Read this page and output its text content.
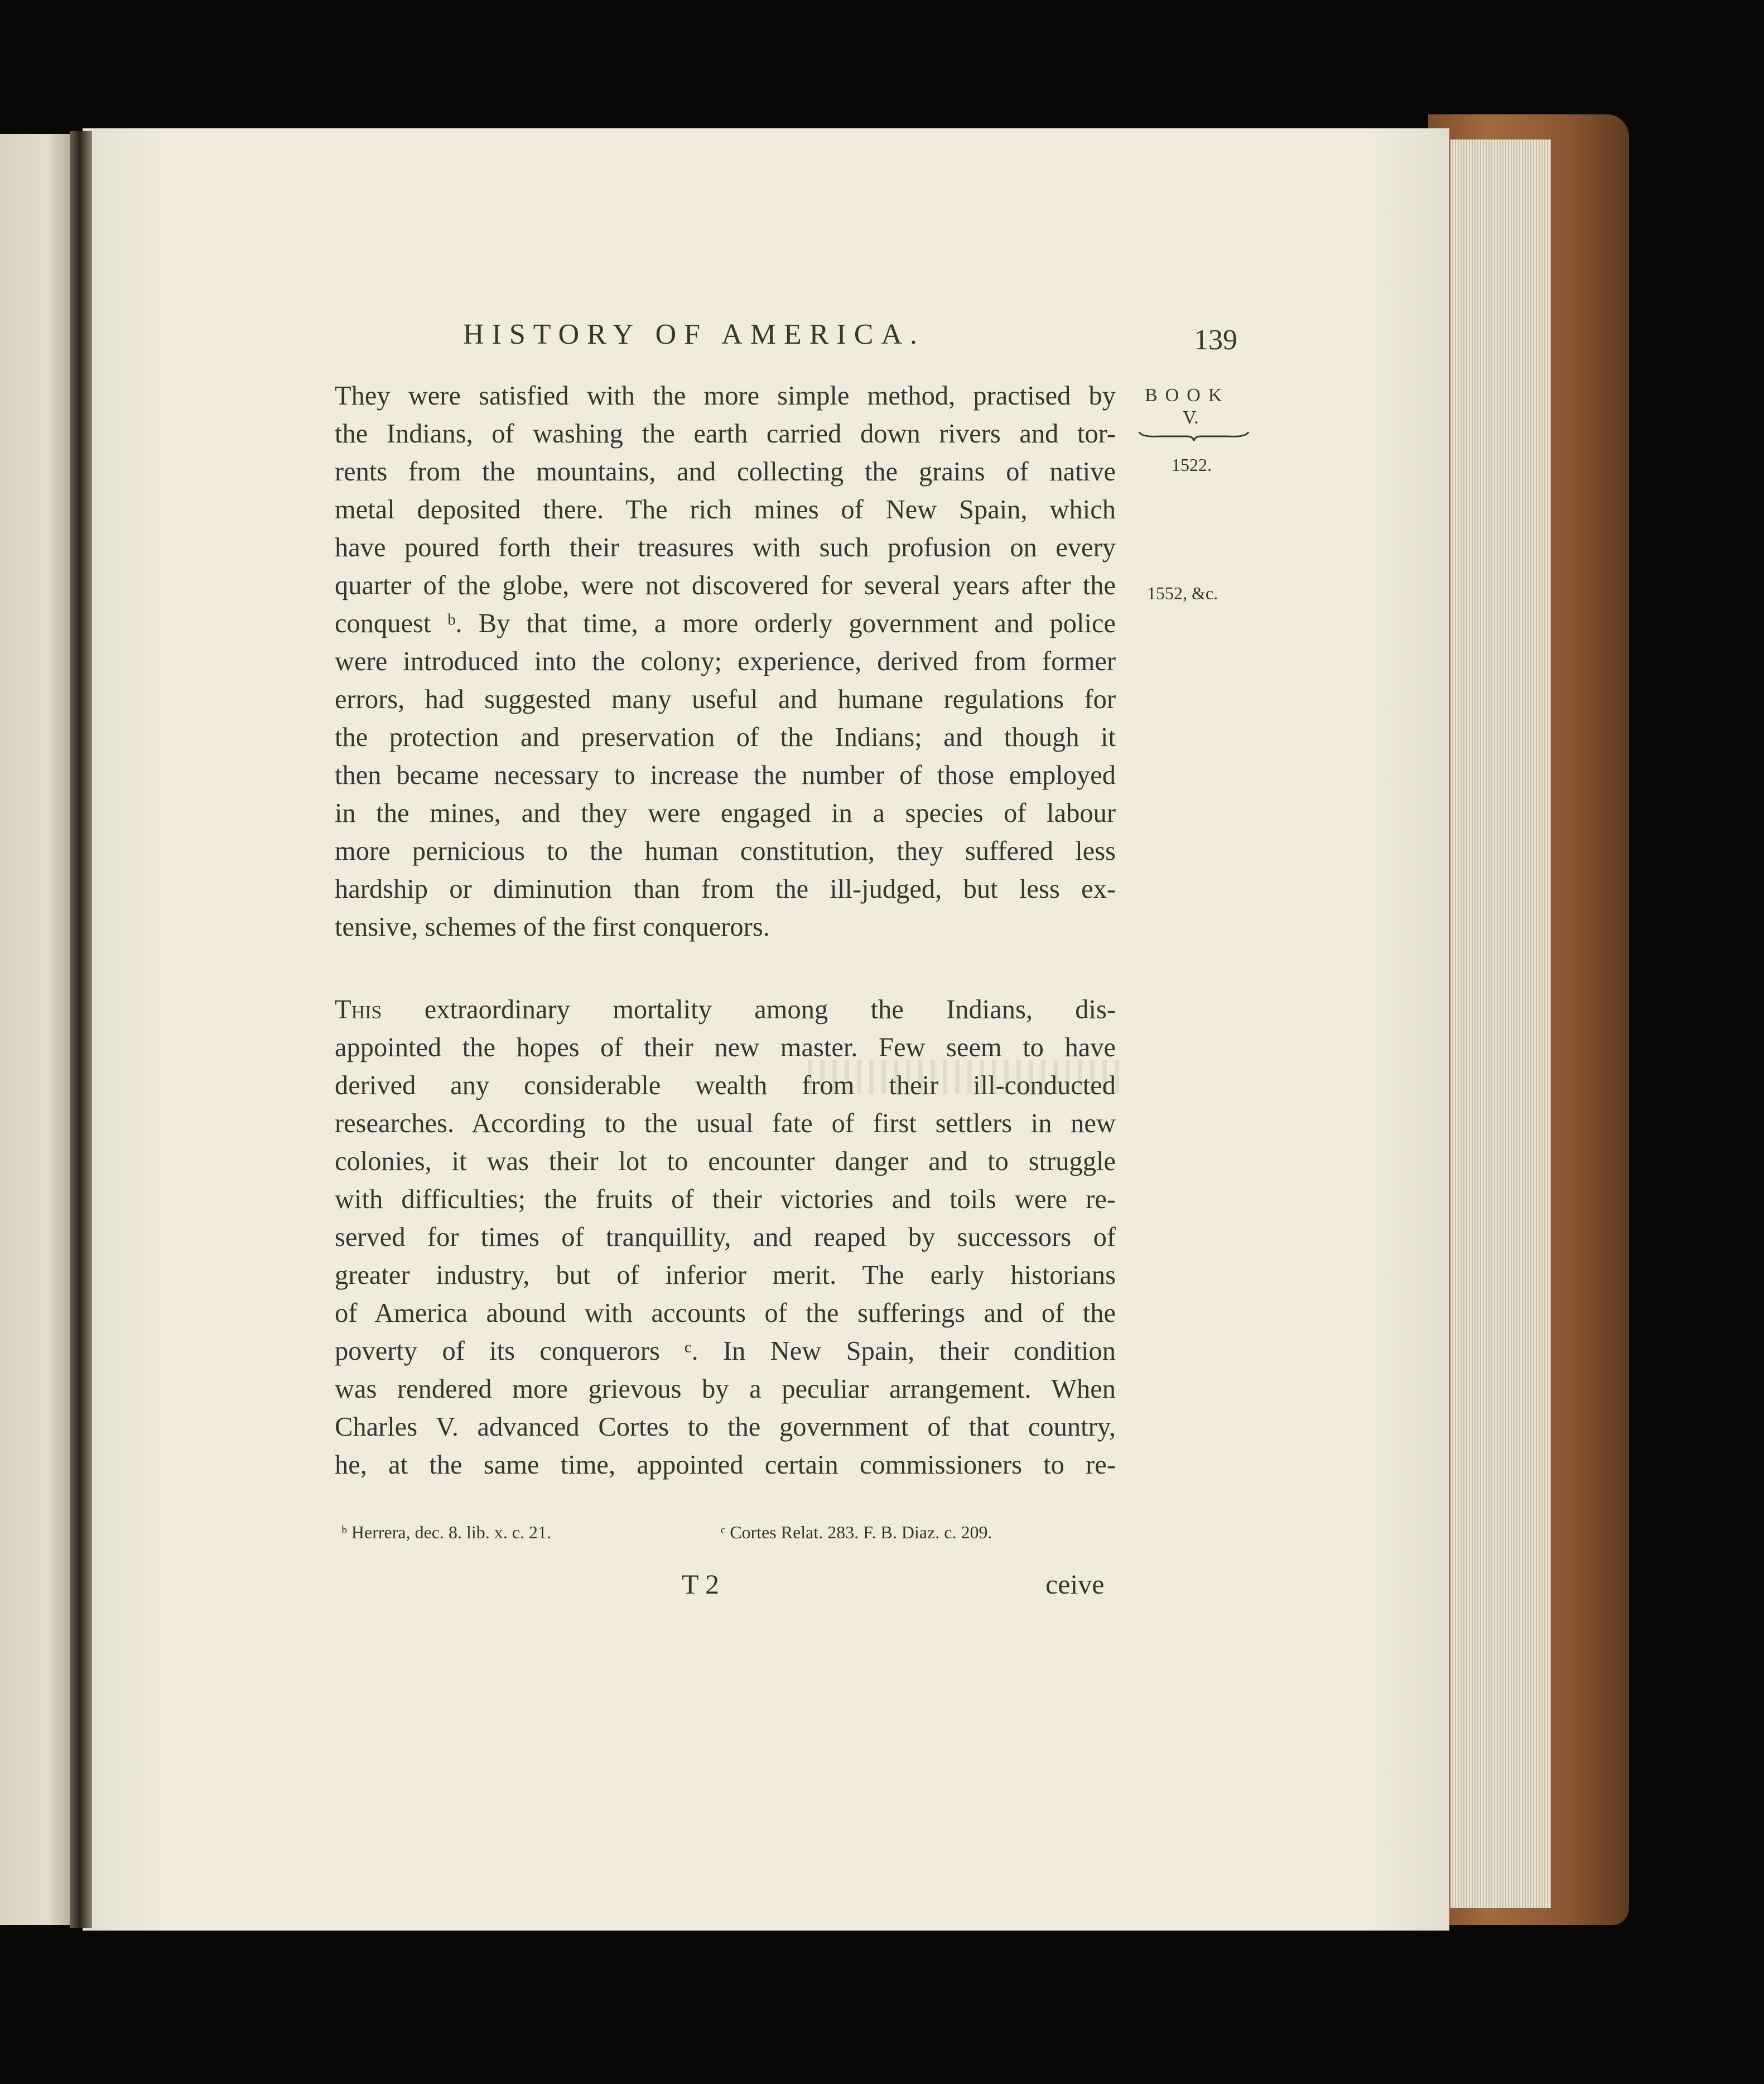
HISTORY OF AMERICA.	139
BOOK
V.
1522.
1552, &c.
They were satisfied with the more simple method, practised by
the Indians, of washing the earth carried down rivers and tor-
rents from the mountains, and collecting the grains of native
metal deposited there. The rich mines of New Spain, which
have poured forth their treasures with such profusion on every
quarter of the globe, were not discovered for several years after the
conquest ᵇ. By that time, a more orderly government and police
were introduced into the colony; experience, derived from former
errors, had suggested many useful and humane regulations for
the protection and preservation of the Indians; and though it
then became necessary to increase the number of those employed
in the mines, and they were engaged in a species of labour
more pernicious to the human constitution, they suffered less
hardship or diminution than from the ill-judged, but less ex-
tensive, schemes of the first conquerors.
This extraordinary mortality among the Indians, dis-
appointed the hopes of their new master. Few seem to have
derived any considerable wealth from their ill-conducted
researches. According to the usual fate of first settlers in new
colonies, it was their lot to encounter danger and to struggle
with difficulties; the fruits of their victories and toils were re-
served for times of tranquillity, and reaped by successors of
greater industry, but of inferior merit. The early historians
of America abound with accounts of the sufferings and of the
poverty of its conquerors ᶜ. In New Spain, their condition
was rendered more grievous by a peculiar arrangement. When
Charles V. advanced Cortes to the government of that country,
he, at the same time, appointed certain commissioners to re-
ᵇ Herrera, dec. 8. lib. x. c. 21.	ᶜ Cortes Relat. 283. F. B. Diaz. c. 209.
T 2	ceive
